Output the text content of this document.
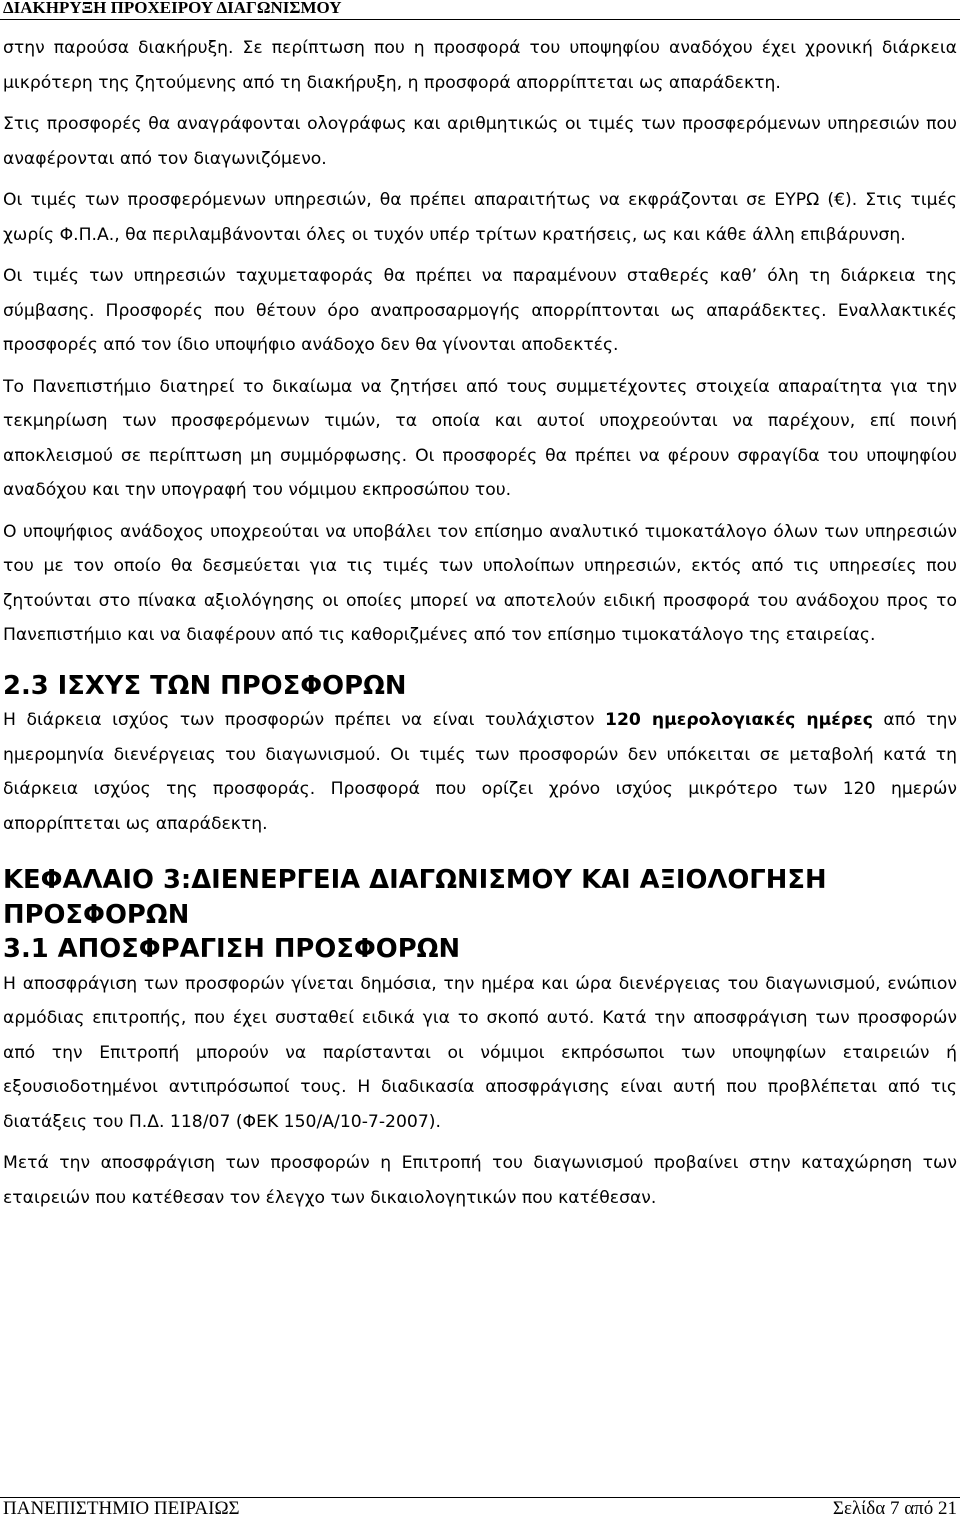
ΔΙΑΚΗΡΥΞΗ ΠΡΟΧΕΙΡΟΥ ΔΙΑΓΩΝΙΣΜΟΥ

στην παρούσα διακήρυξη. Σε περίπτωση που η προσφορά του υποψηφίου αναδόχου έχει χρονική διάρκεια μικρότερη της ζητούμενης από τη διακήρυξη, η προσφορά απορρίπτεται ως απαράδεκτη.

Στις προσφορές θα αναγράφονται ολογράφως και αριθμητικώς οι τιμές των προσφερόμενων υπηρεσιών που αναφέρονται από τον διαγωνιζόμενο.

Οι τιμές των προσφερόμενων υπηρεσιών, θα πρέπει απαραιτήτως να εκφράζονται σε ΕΥΡΩ (€). Στις τιμές χωρίς Φ.Π.Α., θα περιλαμβάνονται όλες οι τυχόν υπέρ τρίτων κρατήσεις, ως και κάθε άλλη επιβάρυνση.

Οι τιμές των υπηρεσιών ταχυμεταφοράς θα πρέπει να παραμένουν σταθερές καθ’ όλη τη διάρκεια της σύμβασης. Προσφορές που θέτουν όρο αναπροσαρμογής απορρίπτονται ως απαράδεκτες. Εναλλακτικές προσφορές από τον ίδιο υποψήφιο ανάδοχο δεν θα γίνονται αποδεκτές.

Το Πανεπιστήμιο διατηρεί το δικαίωμα να ζητήσει από τους συμμετέχοντες στοιχεία απαραίτητα για την τεκμηρίωση των προσφερόμενων τιμών, τα οποία και αυτοί υποχρεούνται να παρέχουν, επί ποινή αποκλεισμού σε περίπτωση μη συμμόρφωσης. Οι προσφορές θα πρέπει να φέρουν σφραγίδα του υποψηφίου αναδόχου και την υπογραφή του νόμιμου εκπροσώπου του.

Ο υποψήφιος ανάδοχος υποχρεούται να υποβάλει τον επίσημο αναλυτικό τιμοκατάλογο όλων των υπηρεσιών του με τον οποίο θα δεσμεύεται για τις τιμές των υπολοίπων υπηρεσιών, εκτός από τις υπηρεσίες που ζητούνται στο πίνακα αξιολόγησης οι οποίες μπορεί να αποτελούν ειδική προσφορά του ανάδοχου προς το Πανεπιστήμιο και να διαφέρουν από τις καθοριζμένες από τον επίσημο τιμοκατάλογο της εταιρείας.

2.3 ΙΣΧΥΣ ΤΩΝ ΠΡΟΣΦΟΡΩΝ

Η διάρκεια ισχύος των προσφορών πρέπει να είναι τουλάχιστον 120 ημερολογιακές ημέρες από την ημερομηνία διενέργειας του διαγωνισμού. Οι τιμές των προσφορών δεν υπόκειται σε μεταβολή κατά τη διάρκεια ισχύος της προσφοράς. Προσφορά που ορίζει χρόνο ισχύος μικρότερο των 120 ημερών απορρίπτεται ως απαράδεκτη.

ΚΕΦΑΛΑΙΟ 3:ΔΙΕΝΕΡΓΕΙΑ ΔΙΑΓΩΝΙΣΜΟΥ ΚΑΙ ΑΞΙΟΛΟΓΗΣΗ ΠΡΟΣΦΟΡΩΝ
3.1 ΑΠΟΣΦΡΑΓΙΣΗ ΠΡΟΣΦΟΡΩΝ

Η αποσφράγιση των προσφορών γίνεται δημόσια, την ημέρα και ώρα διενέργειας του διαγωνισμού, ενώπιον αρμόδιας επιτροπής, που έχει συσταθεί ειδικά για το σκοπό αυτό. Κατά την αποσφράγιση των προσφορών από την Επιτροπή μπορούν να παρίστανται οι νόμιμοι εκπρόσωποι των υποψηφίων εταιρειών ή εξουσιοδοτημένοι αντιπρόσωποί τους. Η διαδικασία αποσφράγισης είναι αυτή που προβλέπεται από τις διατάξεις του Π.Δ. 118/07 (ΦΕΚ 150/Α/10-7-2007).

Μετά την αποσφράγιση των προσφορών η Επιτροπή του διαγωνισμού προβαίνει στην καταχώρηση των εταιρειών που κατέθεσαν τον έλεγχο των δικαιολογητικών που κατέθεσαν.

ΠΑΝΕΠΙΣΤΗΜΙΟ ΠΕΙΡΑΙΩΣ	Σελίδα 7 από 21
